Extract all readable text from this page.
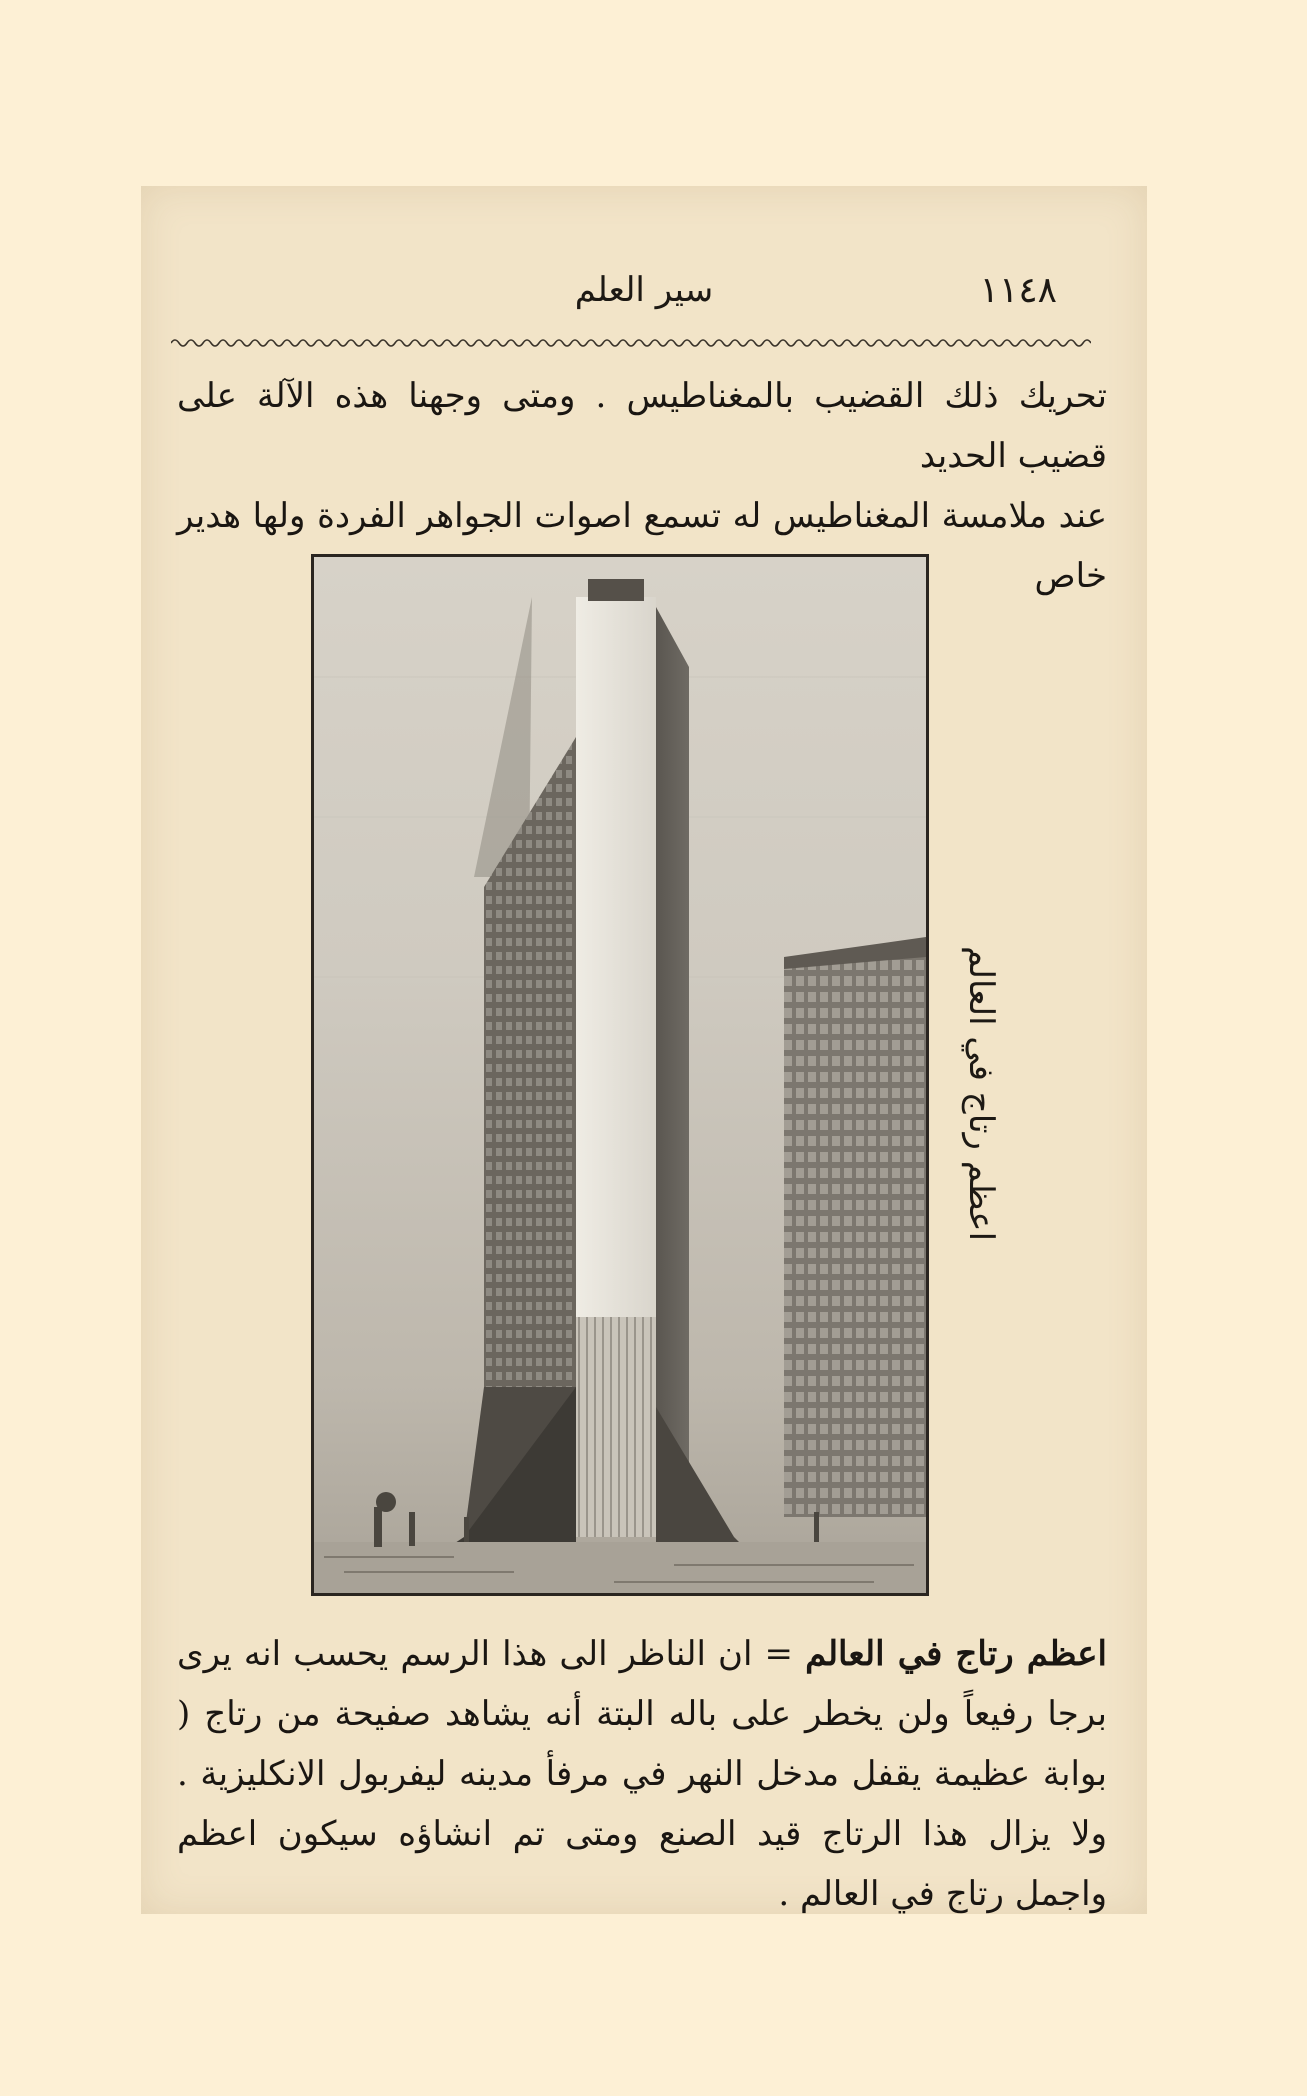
١١٤٨
سير العلم

تحريك ذلك القضيب بالمغناطيس . ومتى وجهنا هذه الآلة على قضيب الحديد

عند ملامسة المغناطيس له تسمع اصوات الجواهر الفردة ولها هدير خاص

اعظم رتاج في العالم

اعظم رتاج في العالم = ان الناظر الى هذا الرسم يحسب انه يرى برجا رفيعاً ولن يخطر على باله البتة أنه يشاهد صفيحة من رتاج ( بوابة عظيمة يقفل مدخل النهر في مرفأ مدينه ليفربول الانكليزية . ولا يزال هذا الرتاج قيد الصنع ومتى تم انشاؤه سيكون اعظم واجمل رتاج في العالم .
